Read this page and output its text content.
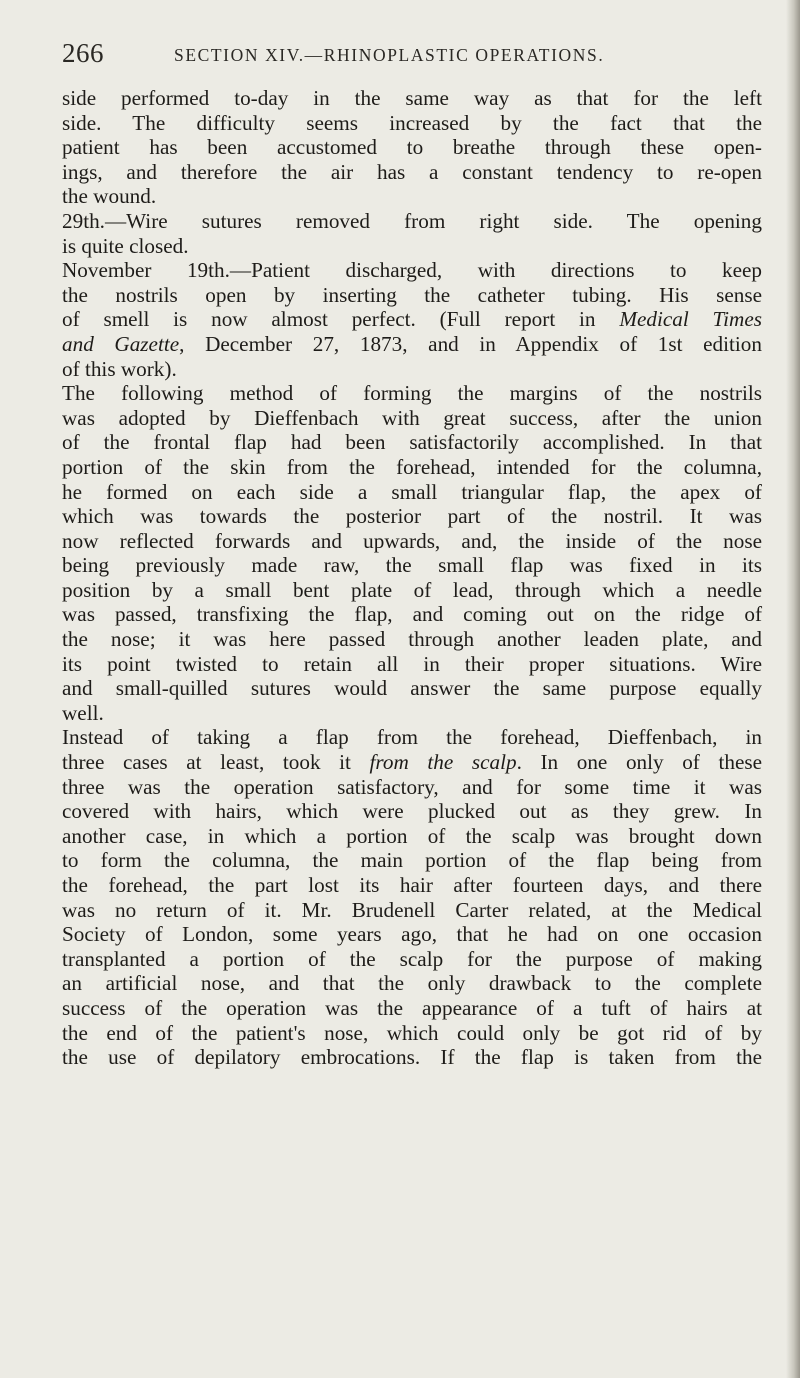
266	SECTION XIV.—RHINOPLASTIC OPERATIONS.

side performed to-day in the same way as that for the left
side. The difficulty seems increased by the fact that the
patient has been accustomed to breathe through these open-
ings, and therefore the air has a constant tendency to re-open
the wound.

29th.—Wire sutures removed from right side. The opening
is quite closed.

November 19th.—Patient discharged, with directions to keep
the nostrils open by inserting the catheter tubing. His sense
of smell is now almost perfect. (Full report in Medical Times
and Gazette, December 27, 1873, and in Appendix of 1st edition
of this work).

The following method of forming the margins of the nostrils
was adopted by Dieffenbach with great success, after the union
of the frontal flap had been satisfactorily accomplished. In that
portion of the skin from the forehead, intended for the columna,
he formed on each side a small triangular flap, the apex of
which was towards the posterior part of the nostril. It was
now reflected forwards and upwards, and, the inside of the nose
being previously made raw, the small flap was fixed in its
position by a small bent plate of lead, through which a needle
was passed, transfixing the flap, and coming out on the ridge of
the nose; it was here passed through another leaden plate, and
its point twisted to retain all in their proper situations. Wire
and small-quilled sutures would answer the same purpose equally
well.

Instead of taking a flap from the forehead, Dieffenbach, in
three cases at least, took it from the scalp. In one only of these
three was the operation satisfactory, and for some time it was
covered with hairs, which were plucked out as they grew. In
another case, in which a portion of the scalp was brought down
to form the columna, the main portion of the flap being from
the forehead, the part lost its hair after fourteen days, and there
was no return of it. Mr. Brudenell Carter related, at the Medical
Society of London, some years ago, that he had on one occasion
transplanted a portion of the scalp for the purpose of making
an artificial nose, and that the only drawback to the complete
success of the operation was the appearance of a tuft of hairs at
the end of the patient's nose, which could only be got rid of by
the use of depilatory embrocations. If the flap is taken from the
